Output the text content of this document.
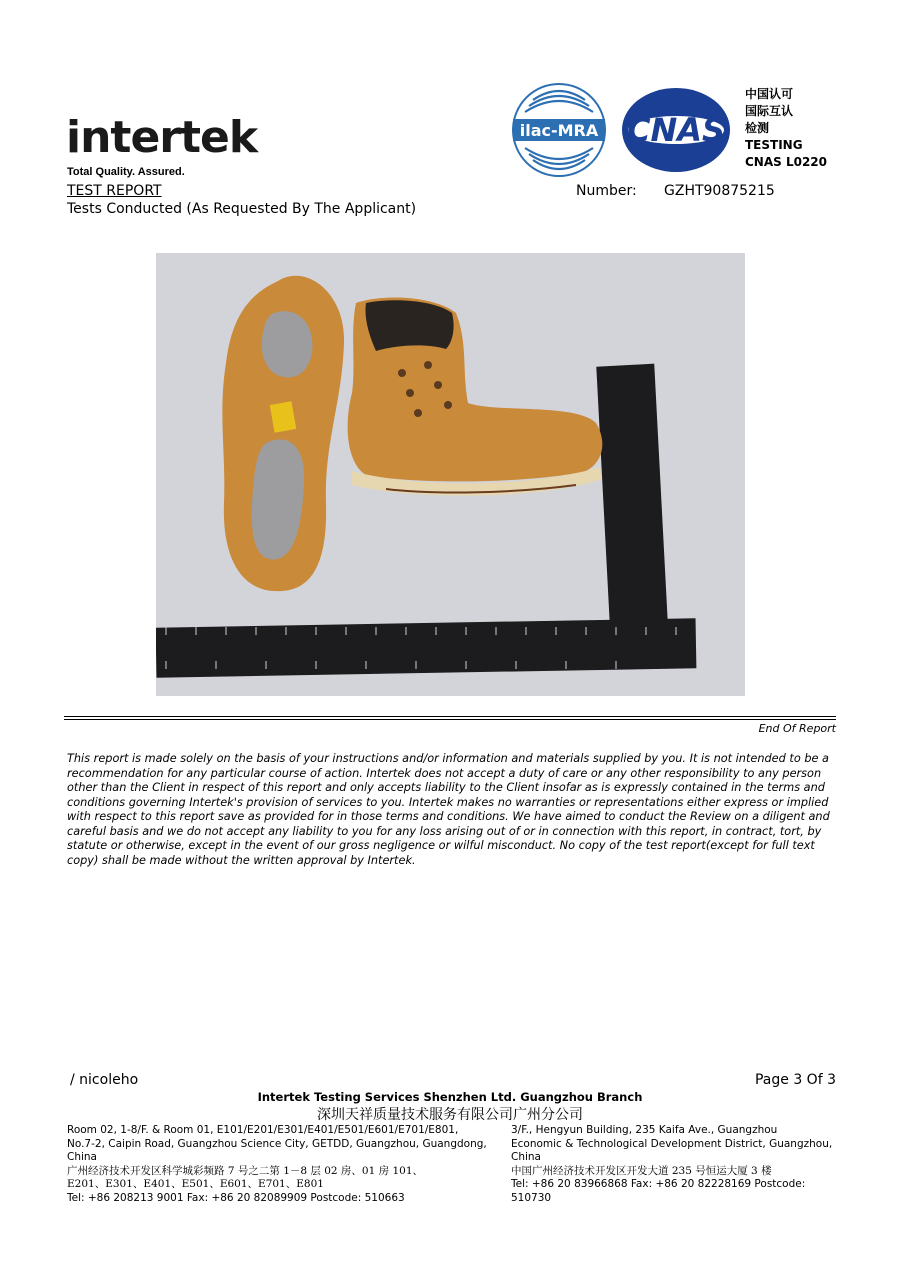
intertek
Total Quality. Assured.
ilac-MRA CNAS
中国认可
国际互认
检测
TESTING
CNAS L0220
TEST REPORT
Tests Conducted (As Requested By The Applicant)
Number: GZHT90875215
End Of Report
This report is made solely on the basis of your instructions and/or information and materials supplied by you. It is not intended to be a recommendation for any particular course of action. Intertek does not accept a duty of care or any other responsibility to any person other than the Client in respect of this report and only accepts liability to the Client insofar as is expressly contained in the terms and conditions governing Intertek's provision of services to you. Intertek makes no warranties or representations either express or implied with respect to this report save as provided for in those terms and conditions. We have aimed to conduct the Review on a diligent and careful basis and we do not accept any liability to you for any loss arising out of or in connection with this report, in contract, tort, by statute or otherwise, except in the event of our gross negligence or wilful misconduct. No copy of the test report(except for full text copy) shall be made without the written approval by Intertek.
/ nicoleho	Page 3 Of 3
Intertek Testing Services Shenzhen Ltd. Guangzhou Branch
深圳天祥质量技术服务有限公司广州分公司
Room 02, 1-8/F. & Room 01, E101/E201/E301/E401/E501/E601/E701/E801,
No.7-2, Caipin Road, Guangzhou Science City, GETDD, Guangzhou, Guangdong, China
广州经济技术开发区科学城彩频路 7 号之二第 1－8 层 02 房、01 房 101、
E201、E301、E401、E501、E601、E701、E801
Tel: +86 208213 9001 Fax: +86 20 82089909 Postcode: 510663
3/F., Hengyun Building, 235 Kaifa Ave., Guangzhou
Economic & Technological Development District, Guangzhou,
China
中国广州经济技术开发区开发大道 235 号恒运大厦 3 楼
Tel: +86 20 83966868 Fax: +86 20 82228169 Postcode: 510730
